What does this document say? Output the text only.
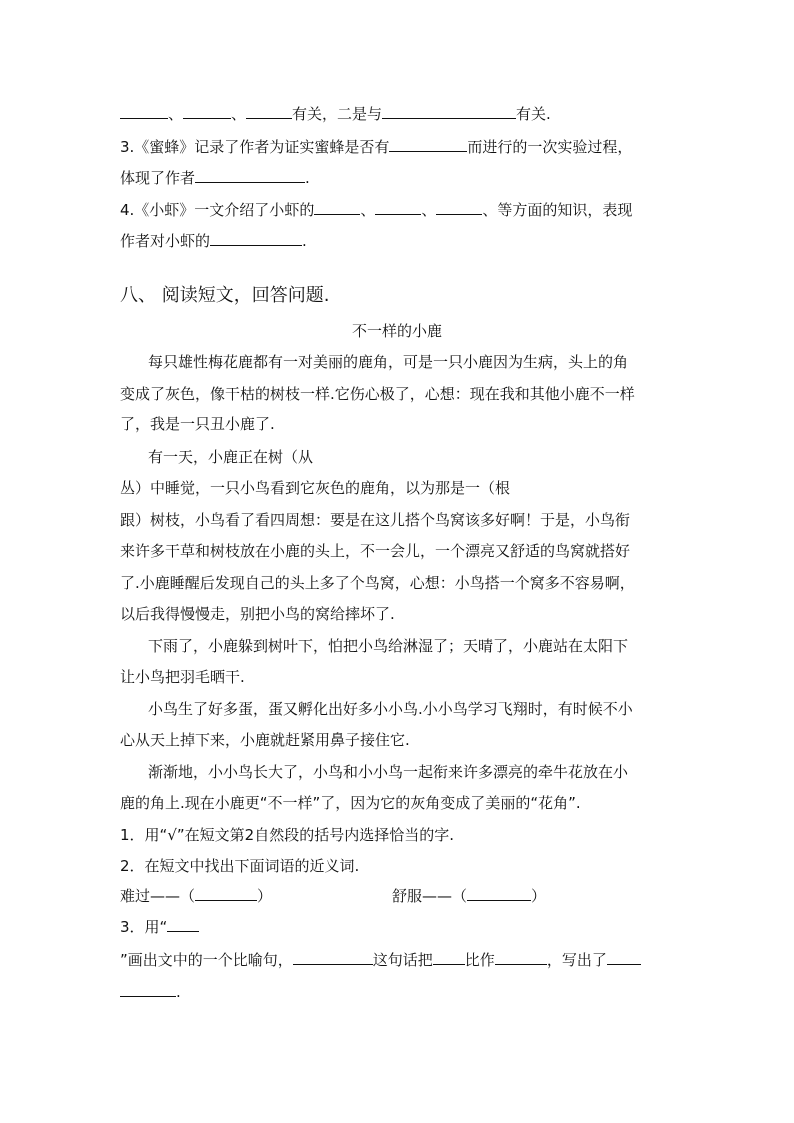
、	、	有关，二是与	有关.
3.《蜜蜂》记录了作者为证实蜜蜂是否有	而进行的一次实验过程，
体现了作者	.
4.《小虾》一文介绍了小虾的	、	、	、等方面的知识，表现
作者对小虾的	.
八、 阅读短文，回答问题.
不一样的小鹿
每只雄性梅花鹿都有一对美丽的鹿角，可是一只小鹿因为生病，头上的角
变成了灰色，像干枯的树枝一样.它伤心极了，心想：现在我和其他小鹿不一样
了，我是一只丑小鹿了.
有一天，小鹿正在树（从
丛）中睡觉，一只小鸟看到它灰色的鹿角，以为那是一（根
跟）树枝，小鸟看了看四周想：要是在这儿搭个鸟窝该多好啊！于是，小鸟衔
来许多干草和树枝放在小鹿的头上，不一会儿，一个漂亮又舒适的鸟窝就搭好
了.小鹿睡醒后发现自己的头上多了个鸟窝，心想：小鸟搭一个窝多不容易啊，
以后我得慢慢走，别把小鸟的窝给摔坏了.
下雨了，小鹿躲到树叶下，怕把小鸟给淋湿了；天晴了，小鹿站在太阳下
让小鸟把羽毛晒干.
小鸟生了好多蛋，蛋又孵化出好多小小鸟.小小鸟学习飞翔时，有时候不小
心从天上掉下来，小鹿就赶紧用鼻子接住它.
渐渐地，小小鸟长大了，小鸟和小小鸟一起衔来许多漂亮的牵牛花放在小
鹿的角上.现在小鹿更“不一样”了，因为它的灰角变成了美丽的“花角”.
1．用“√”在短文第2自然段的括号内选择恰当的字.
2．在短文中找出下面词语的近义词.
难过——（	）	舒服——（	）
3．用“
”画出文中的一个比喻句，	这句话把 比作	，写出了
.
